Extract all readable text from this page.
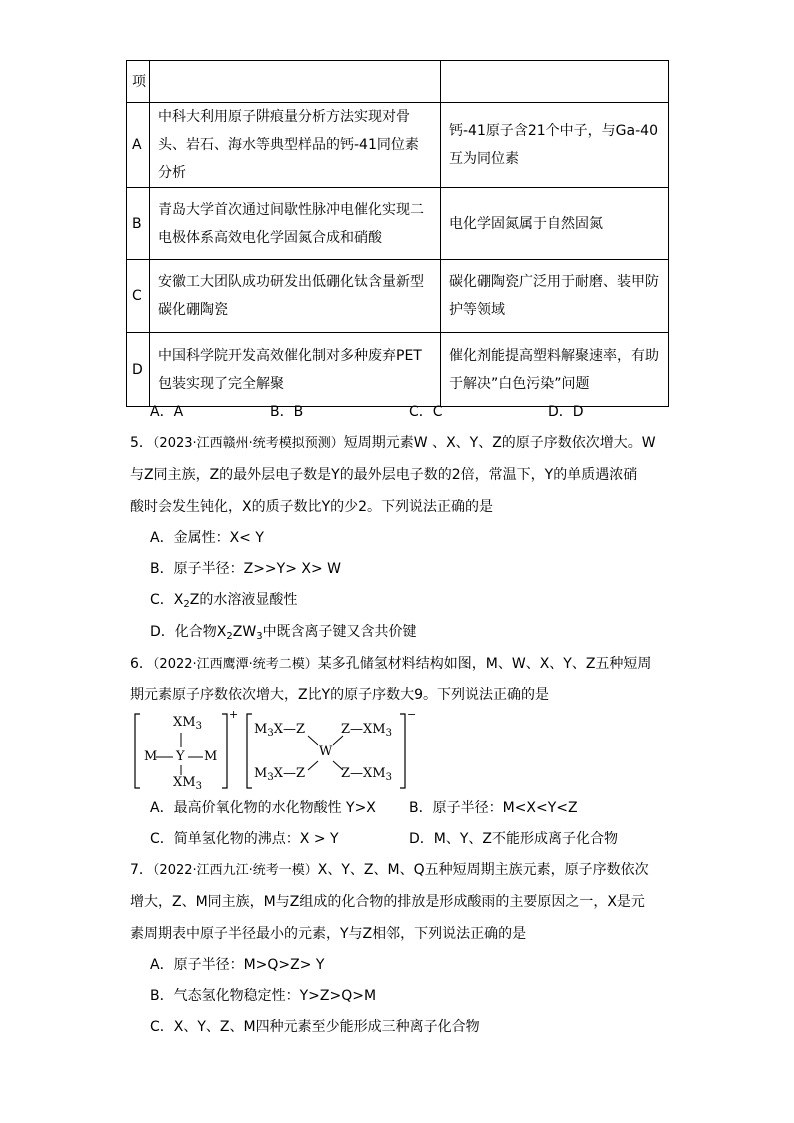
项		
A	中科大利用原子阱痕量分析方法实现对骨头、岩石、海水等典型样品的钙-41同位素分析	钙-41原子含21个中子，与Ga-40互为同位素
B	青岛大学首次通过间歇性脉冲电催化实现二电极体系高效电化学固氮合成和硝酸	电化学固氮属于自然固氮
C	安徽工大团队成功研发出低硼化钛含量新型碳化硼陶瓷	碳化硼陶瓷广泛用于耐磨、装甲防护等领域
D	中国科学院开发高效催化制对多种废弃PET包装实现了完全解聚	催化剂能提高塑料解聚速率，有助于解决”白色污染”问题
A．A	B．B	C．C	D．D
5．（2023·江西赣州·统考模拟预测）短周期元素W 、X、Y、Z的原子序数依次增大。W
与Z同主族，Z的最外层电子数是Y的最外层电子数的2倍，常温下，Y的单质遇浓硝
酸时会发生钝化，X的质子数比Y的少2。下列说法正确的是
A．金属性：X< Y
B．原子半径：Z>>Y> X> W
C．$X_2Z$的水溶液显酸性
D．化合物$X_2ZW_3$中既含离子键又含共价键
6．（2022·江西鹰潭·统考二模）某多孔储氢材料结构如图，M、W、X、Y、Z五种短周
期元素原子序数依次增大，Z比Y的原子序数大9。下列说法正确的是
$XM_3$
M Y M
$XM_3$
+
$M_3X—Z$
$M_3X—Z$
W
$Z—XM_3$
$Z—XM_3$
−
A．最高价氧化物的水化物酸性 Y>X B．原子半径：M<X<Y<Z
C．简单氢化物的沸点：X > Y	D．M、Y、Z不能形成离子化合物
7．（2022·江西九江·统考一模）X、Y、Z、M、Q五种短周期主族元素，原子序数依次
增大，Z、M同主族，M与Z组成的化合物的排放是形成酸雨的主要原因之一，X是元
素周期表中原子半径最小的元素，Y与Z相邻，下列说法正确的是
A．原子半径：M>Q>Z> Y
B．气态氢化物稳定性：Y>Z>Q>M
C．X、Y、Z、M四种元素至少能形成三种离子化合物
